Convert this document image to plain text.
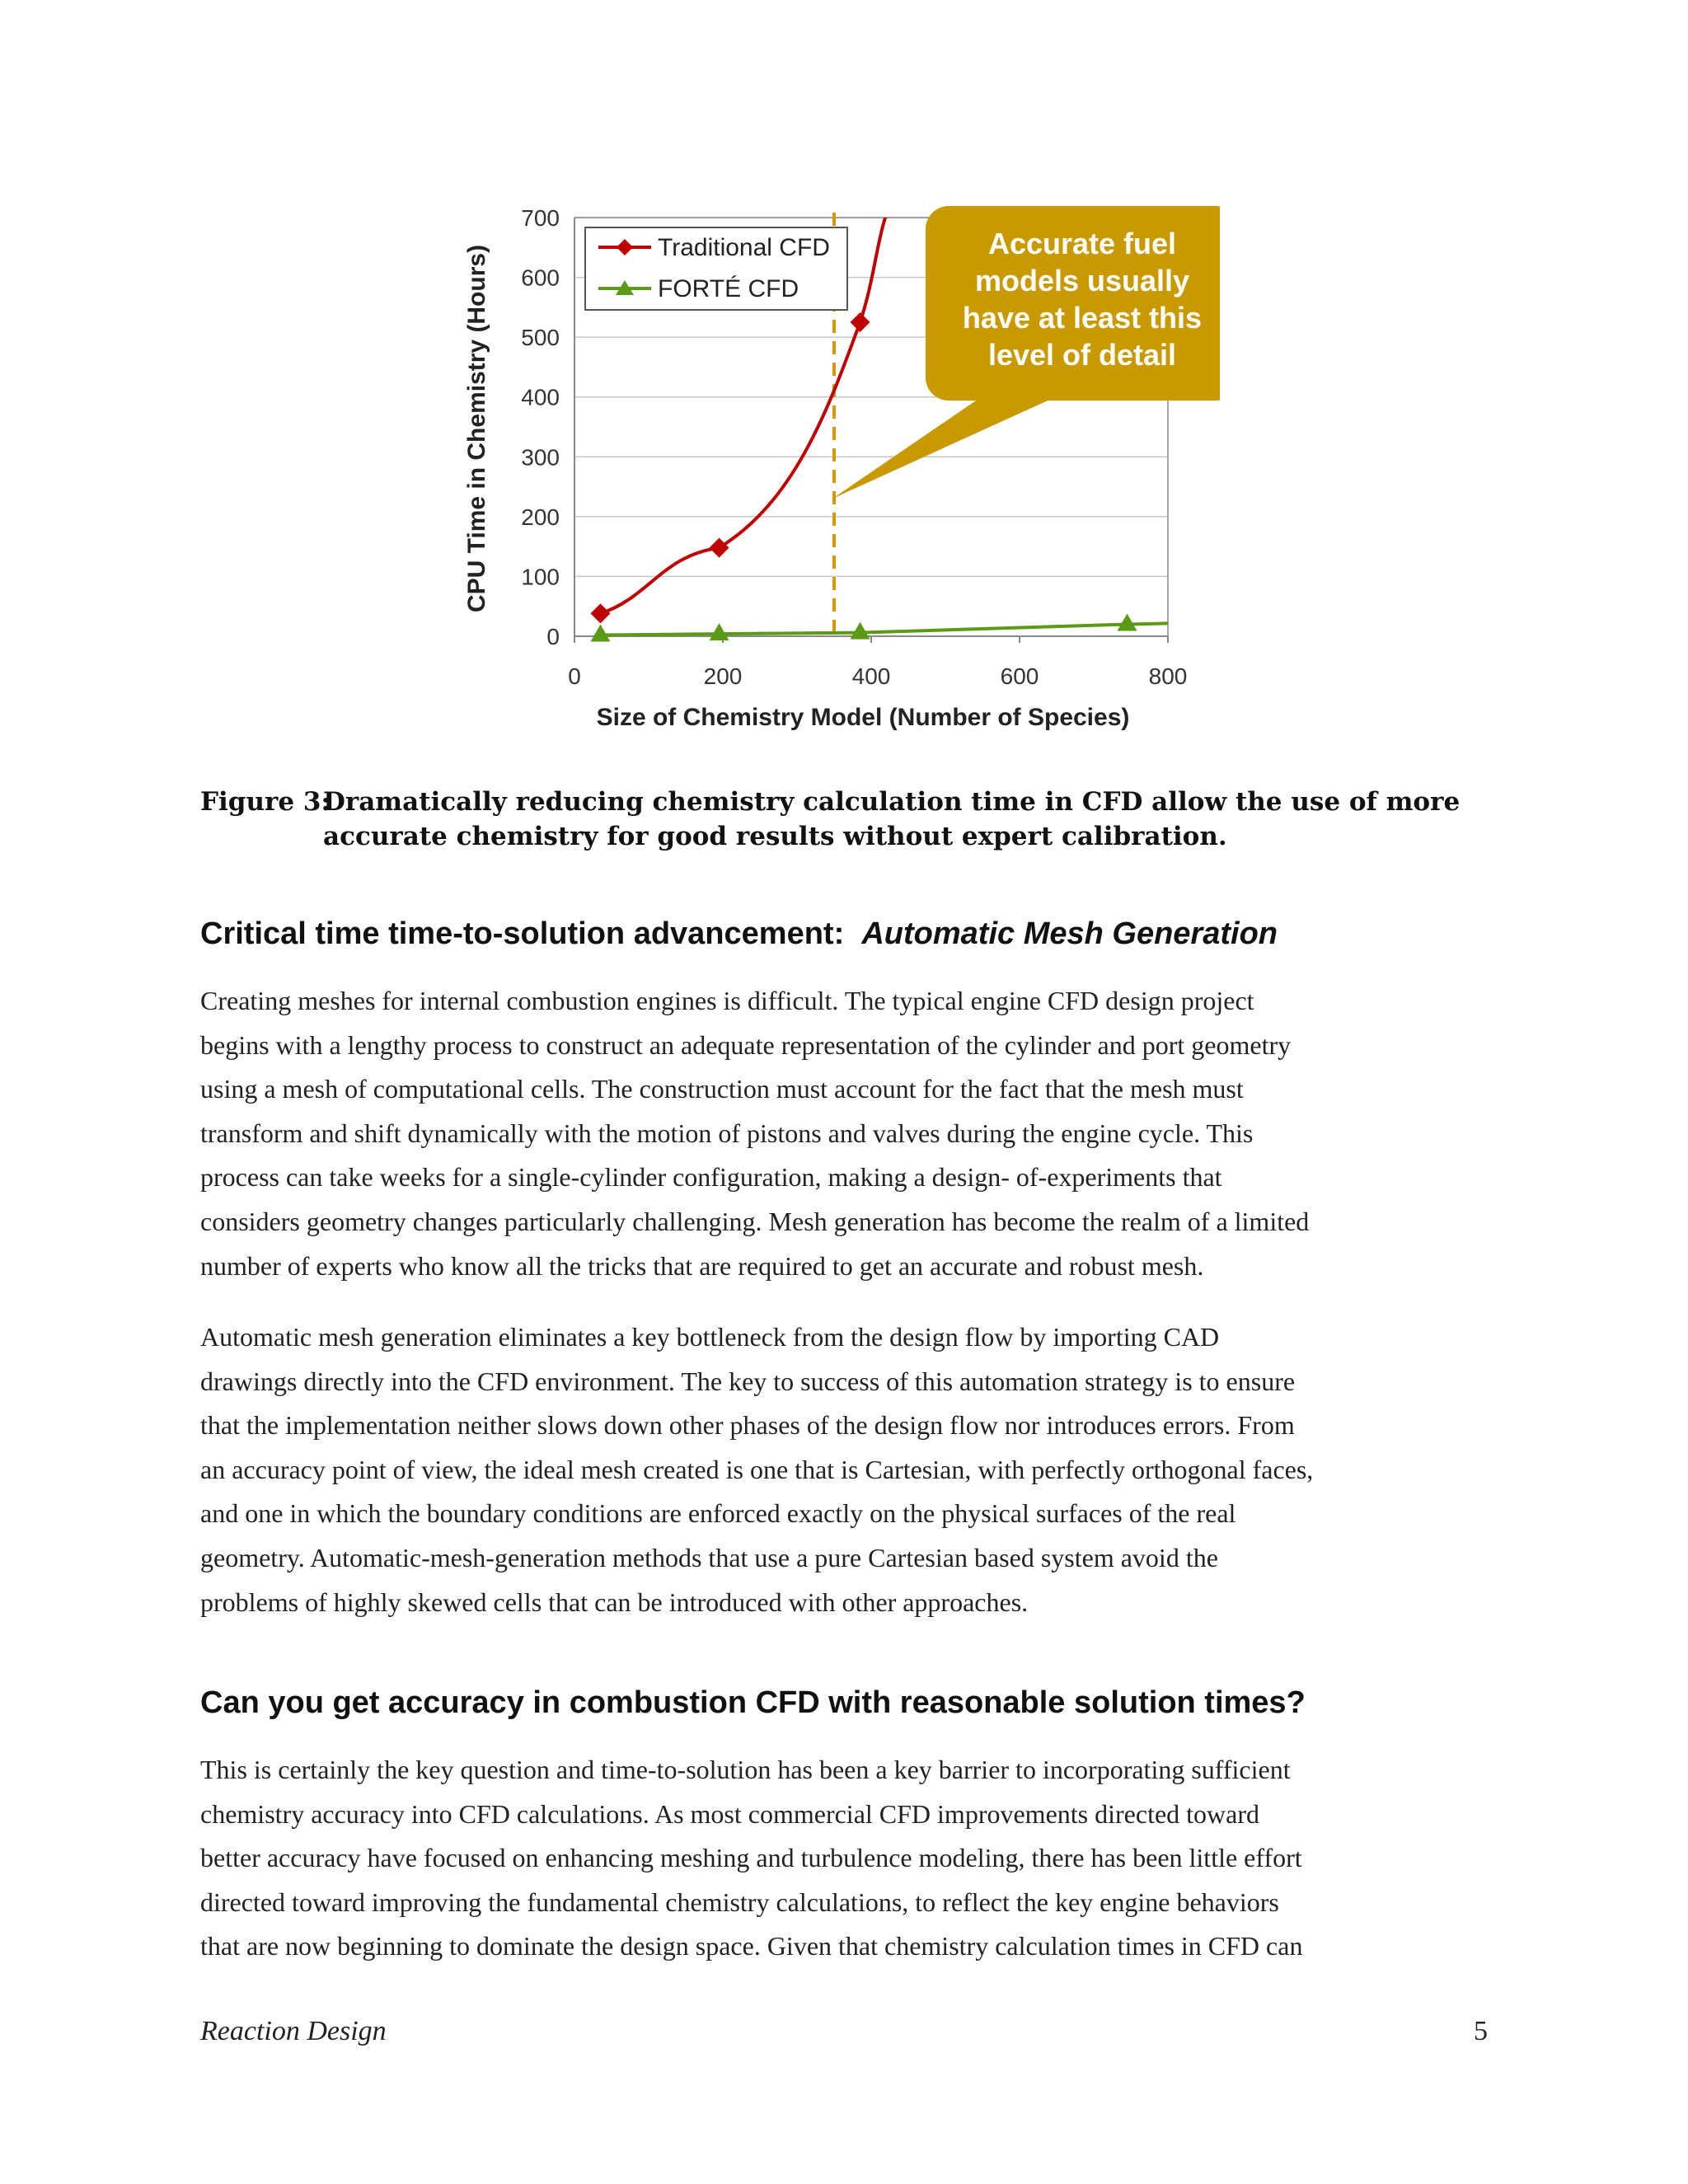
0
100
200
300
400
500
600
700
0	200	400	600	800
Traditional CFD
FORTÉ CFD
Accurate fuel
models usually
have at least this
level of detail
CPU Time in Chemistry (Hours)
Size of Chemistry Model (Number of Species)
Figure 3:
Dramatically reducing chemistry calculation time in CFD allow the use of more accurate chemistry for good results without expert calibration.
Critical time time-to-solution advancement: Automatic Mesh Generation
Creating meshes for internal combustion engines is difficult. The typical engine CFD design project
begins with a lengthy process to construct an adequate representation of the cylinder and port geometry
using a mesh of computational cells. The construction must account for the fact that the mesh must
transform and shift dynamically with the motion of pistons and valves during the engine cycle. This
process can take weeks for a single-cylinder configuration, making a design- of-experiments that
considers geometry changes particularly challenging. Mesh generation has become the realm of a limited
number of experts who know all the tricks that are required to get an accurate and robust mesh.
Automatic mesh generation eliminates a key bottleneck from the design flow by importing CAD
drawings directly into the CFD environment. The key to success of this automation strategy is to ensure
that the implementation neither slows down other phases of the design flow nor introduces errors. From
an accuracy point of view, the ideal mesh created is one that is Cartesian, with perfectly orthogonal faces,
and one in which the boundary conditions are enforced exactly on the physical surfaces of the real
geometry. Automatic-mesh-generation methods that use a pure Cartesian based system avoid the
problems of highly skewed cells that can be introduced with other approaches.
Can you get accuracy in combustion CFD with reasonable solution times?
This is certainly the key question and time-to-solution has been a key barrier to incorporating sufficient
chemistry accuracy into CFD calculations. As most commercial CFD improvements directed toward
better accuracy have focused on enhancing meshing and turbulence modeling, there has been little effort
directed toward improving the fundamental chemistry calculations, to reflect the key engine behaviors
that are now beginning to dominate the design space. Given that chemistry calculation times in CFD can
Reaction Design	5
